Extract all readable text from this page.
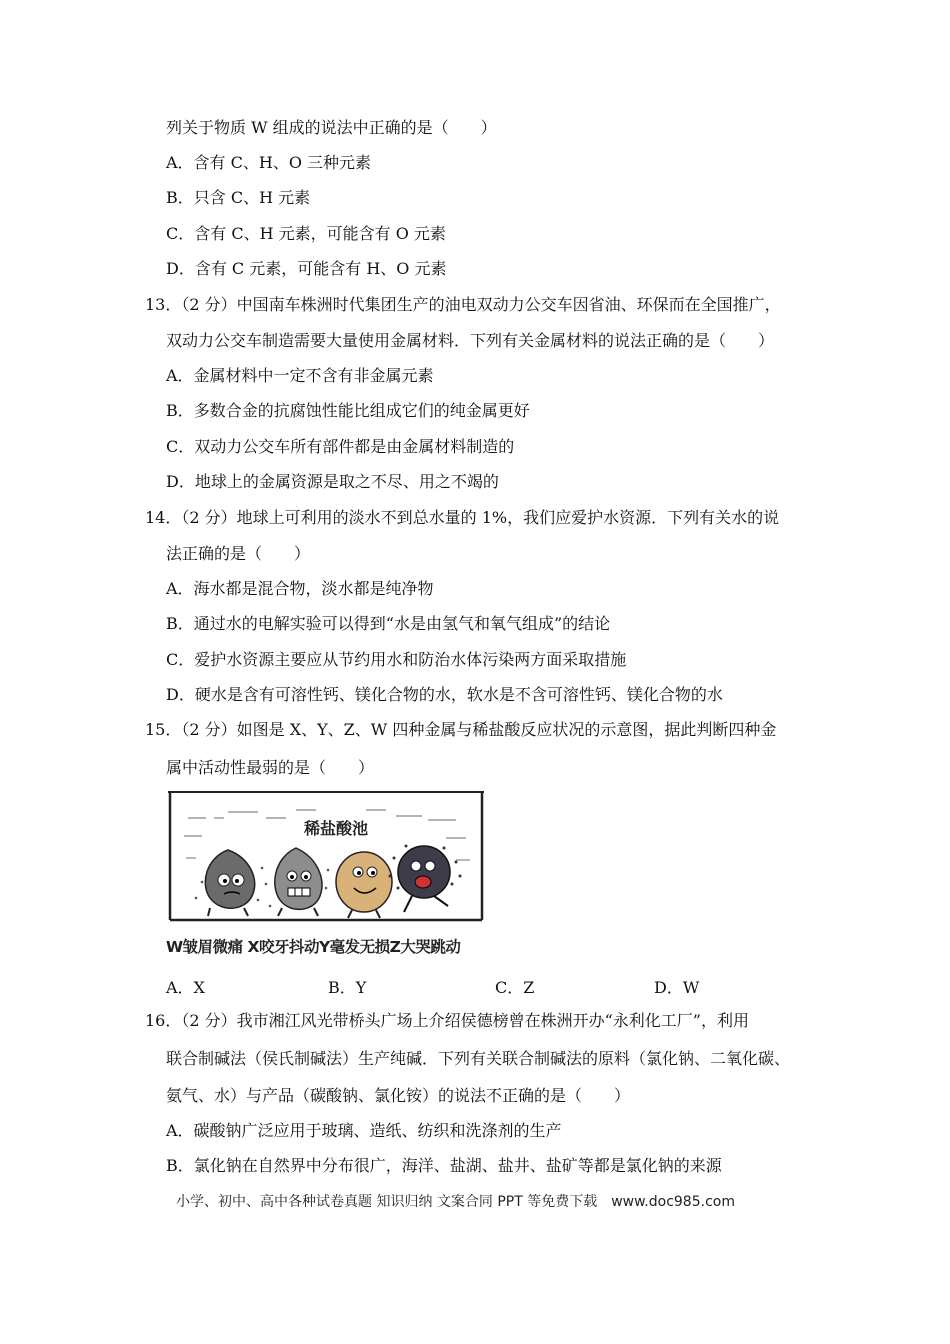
列关于物质 W 组成的说法中正确的是（　　）
A．含有 C、H、O 三种元素
B．只含 C、H 元素
C．含有 C、H 元素，可能含有 O 元素
D．含有 C 元素，可能含有 H、O 元素
13．（2 分）中国南车株洲时代集团生产的油电双动力公交车因省油、环保而在全国推广，
双动力公交车制造需要大量使用金属材料．下列有关金属材料的说法正确的是（　　）
A．金属材料中一定不含有非金属元素
B．多数合金的抗腐蚀性能比组成它们的纯金属更好
C．双动力公交车所有部件都是由金属材料制造的
D．地球上的金属资源是取之不尽、用之不竭的
14．（2 分）地球上可利用的淡水不到总水量的 1%，我们应爱护水资源．下列有关水的说
法正确的是（　　）
A．海水都是混合物，淡水都是纯净物
B．通过水的电解实验可以得到“水是由氢气和氧气组成”的结论
C．爱护水资源主要应从节约用水和防治水体污染两方面采取措施
D．硬水是含有可溶性钙、镁化合物的水，软水是不含可溶性钙、镁化合物的水
15．（2 分）如图是 X、Y、Z、W 四种金属与稀盐酸反应状况的示意图，据此判断四种金
属中活动性最弱的是（　　）
稀盐酸池
W皱眉微痛 X咬牙抖动Y毫发无损Z大哭跳动
A．X	B．Y	C．Z	D．W
16．（2 分）我市湘江风光带桥头广场上介绍侯德榜曾在株洲开办“永利化工厂”，利用
联合制碱法（侯氏制碱法）生产纯碱．下列有关联合制碱法的原料（氯化钠、二氧化碳、
氨气、水）与产品（碳酸钠、氯化铵）的说法不正确的是（　　）
A．碳酸钠广泛应用于玻璃、造纸、纺织和洗涤剂的生产
B．氯化钠在自然界中分布很广，海洋、盐湖、盐井、盐矿等都是氯化钠的来源
小学、初中、高中各种试卷真题 知识归纳 文案合同 PPT 等免费下载　www.doc985.com
